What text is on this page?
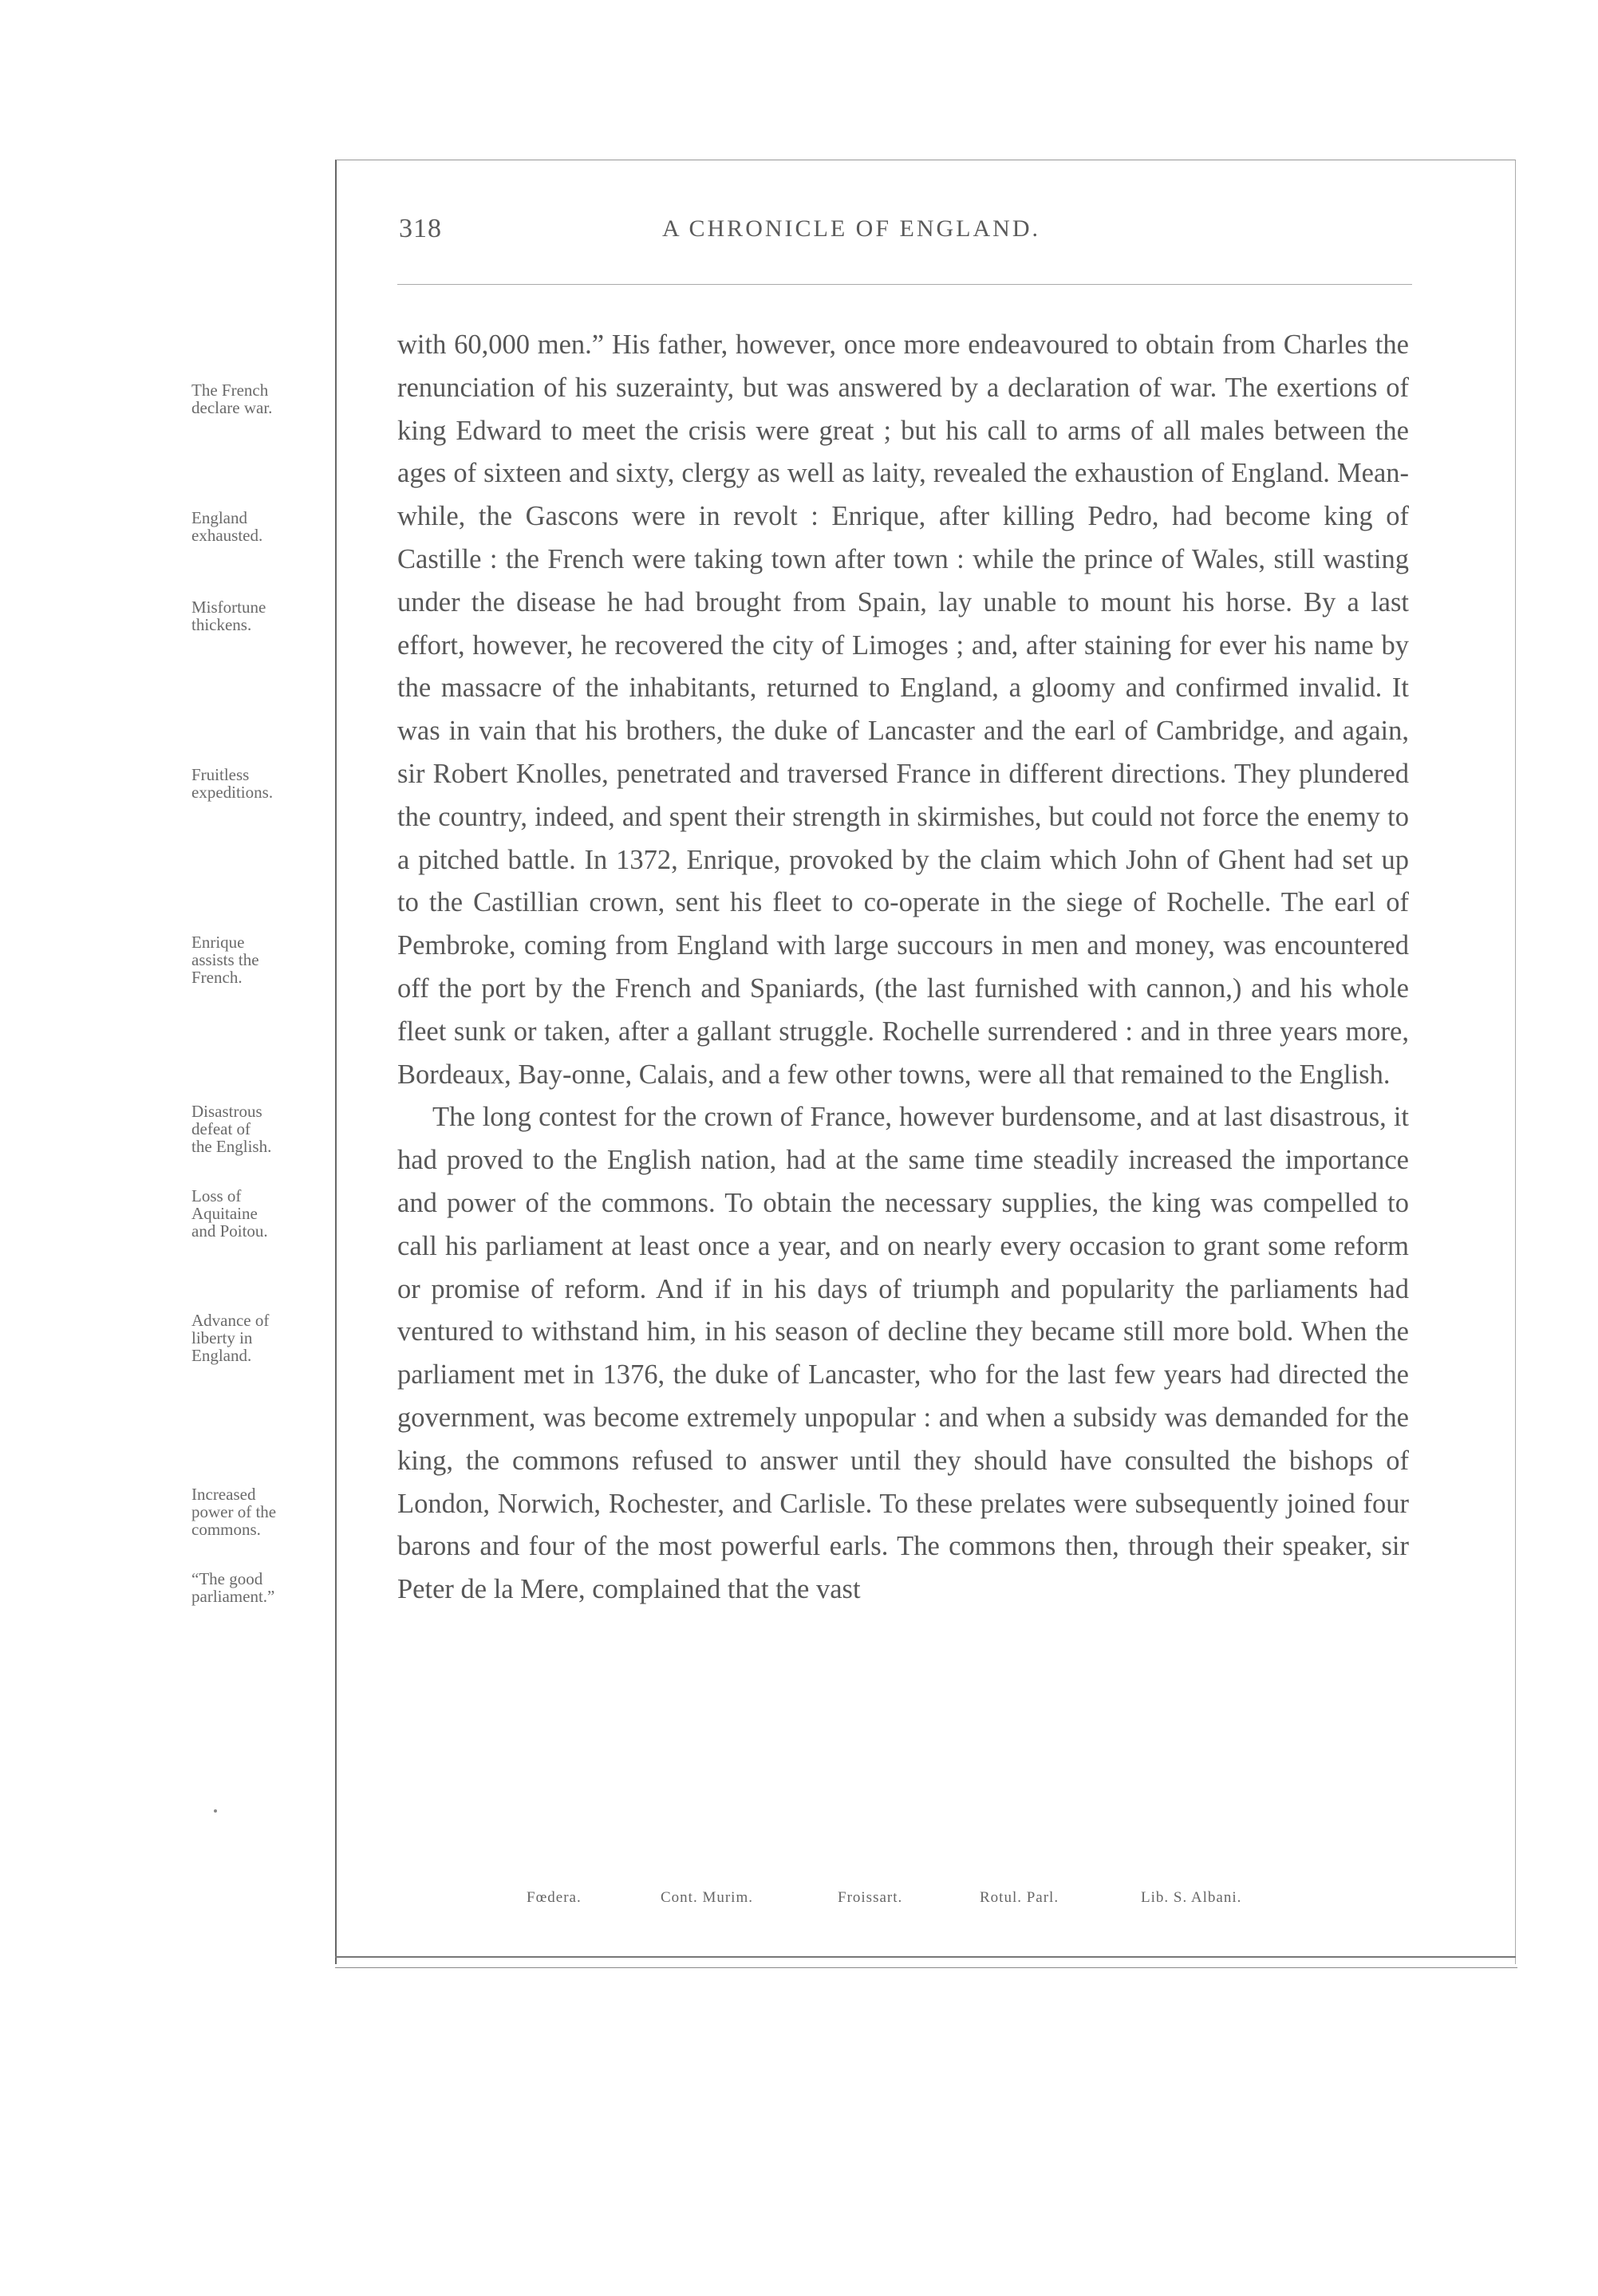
318	A CHRONICLE OF ENGLAND.
The French
declare war.
England
exhausted.
Misfortune
thickens.
Fruitless
expeditions.
Enrique
assists the
French.
Disastrous
defeat of
the English.
Loss of
Aquitaine
and Poitou.
Advance of
liberty in
England.
Increased
power of the
commons.
“The good
parliament.”

with 60,000 men.” His father, however, once more endeavoured to obtain from Charles the renunciation of his suzerainty, but was answered by a declaration of war. The exertions of king Edward to meet the crisis were great ; but his call to arms of all males between the ages of sixteen and sixty, clergy as well as laity, revealed the exhaustion of England. Mean-while, the Gascons were in revolt : Enrique, after killing Pedro, had become king of Castille : the French were taking town after town : while the prince of Wales, still wasting under the disease he had brought from Spain, lay unable to mount his horse. By a last effort, however, he recovered the city of Limoges ; and, after staining for ever his name by the massacre of the inhabitants, returned to England, a gloomy and confirmed invalid. It was in vain that his brothers, the duke of Lancaster and the earl of Cambridge, and again, sir Robert Knolles, penetrated and traversed France in different directions. They plundered the country, indeed, and spent their strength in skirmishes, but could not force the enemy to a pitched battle. In 1372, Enrique, provoked by the claim which John of Ghent had set up to the Castillian crown, sent his fleet to co-operate in the siege of Rochelle. The earl of Pembroke, coming from England with large succours in men and money, was encountered off the port by the French and Spaniards, (the last furnished with cannon,) and his whole fleet sunk or taken, after a gallant struggle. Rochelle surrendered : and in three years more, Bordeaux, Bay-onne, Calais, and a few other towns, were all that remained to the English.

The long contest for the crown of France, however burdensome, and at last disastrous, it had proved to the English nation, had at the same time steadily increased the importance and power of the commons. To obtain the necessary supplies, the king was compelled to call his parliament at least once a year, and on nearly every occasion to grant some reform or promise of reform. And if in his days of triumph and popularity the parliaments had ventured to withstand him, in his season of decline they became still more bold. When the parliament met in 1376, the duke of Lancaster, who for the last few years had directed the government, was become extremely unpopular : and when a subsidy was demanded for the king, the commons refused to answer until they should have consulted the bishops of London, Norwich, Rochester, and Carlisle. To these prelates were subsequently joined four barons and four of the most powerful earls. The commons then, through their speaker, sir Peter de la Mere, complained that the vast

Fœdera.	Cont. Murim.	Froissart.	Rotul. Parl.	Lib. S. Albani.
